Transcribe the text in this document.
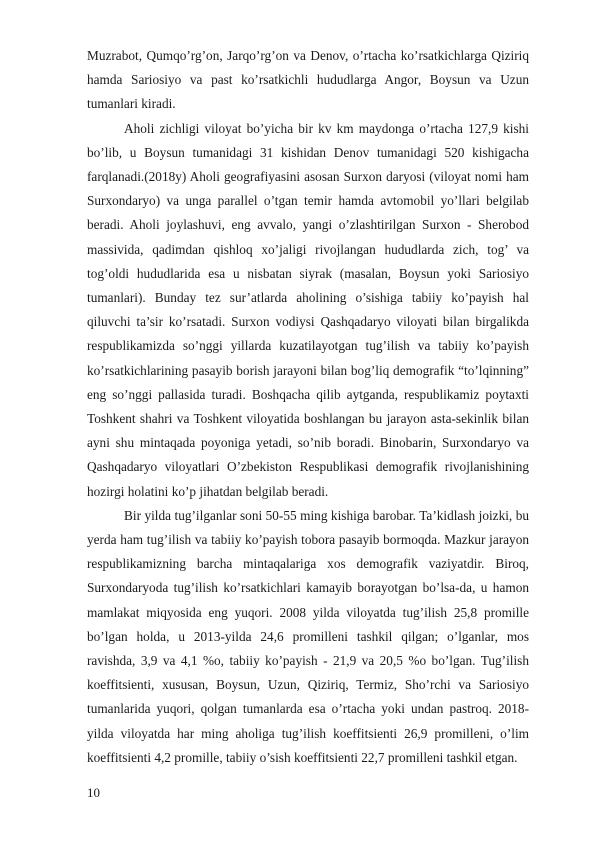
Muzrabot, Qumqo’rg’on, Jarqo’rg’on va Denov, o’rtacha ko’rsatkichlarga Qiziriq hamda Sariosiyo va past ko’rsatkichli hududlarga Angor, Boysun va Uzun tumanlari kiradi.

Aholi zichligi viloyat bo’yicha bir kv km maydonga o’rtacha 127,9 kishi bo’lib, u Boysun tumanidagi 31 kishidan Denov tumanidagi 520 kishigacha farqlanadi.(2018y) Aholi geografiyasini asosan Surxon daryosi (viloyat nomi ham Surxondaryo) va unga parallel o’tgan temir hamda avtomobil yo’llari belgilab beradi. Aholi joylashuvi, eng avvalo, yangi o’zlashtirilgan Surxon - Sherobod massivida, qadimdan qishloq xo’jaligi rivojlangan hududlarda zich, tog’ va tog’oldi hududlarida esa u nisbatan siyrak (masalan, Boysun yoki Sariosiyo tumanlari). Bunday tez sur’atlarda aholining o’sishiga tabiiy ko’payish hal qiluvchi ta’sir ko’rsatadi. Surxon vodiysi Qashqadaryo viloyati bilan birgalikda respublikamizda so’nggi yillarda kuzatilayotgan tug’ilish va tabiiy ko’payish ko’rsatkichlarining pasayib borish jarayoni bilan bog’liq demografik “to’lqinning” eng so’nggi pallasida turadi. Boshqacha qilib aytganda, respublikamiz poytaxti Toshkent shahri va Toshkent viloyatida boshlangan bu jarayon asta-sekinlik bilan ayni shu mintaqada poyoniga yetadi, so’nib boradi. Binobarin, Surxondaryo va Qashqadaryo viloyatlari O’zbekiston Respublikasi demografik rivojlanishining hozirgi holatini ko’p jihatdan belgilab beradi.

Bir yilda tug’ilganlar soni 50-55 ming kishiga barobar. Ta’kidlash joizki, bu yerda ham tug’ilish va tabiiy ko’payish tobora pasayib bormoqda. Mazkur jarayon respublikamizning barcha mintaqalariga xos demografik vaziyatdir. Biroq, Surxondaryoda tug’ilish ko’rsatkichlari kamayib borayotgan bo’lsa-da, u hamon mamlakat miqyosida eng yuqori. 2008 yilda viloyatda tug’ilish 25,8 promille bo’lgan holda, u 2013-yilda 24,6 promilleni tashkil qilgan; o’lganlar, mos ravishda, 3,9 va 4,1 %o, tabiiy ko’payish - 21,9 va 20,5 %o bo’lgan. Tug’ilish koeffitsienti, xususan, Boysun, Uzun, Qiziriq, Termiz, Sho’rchi va Sariosiyo tumanlarida yuqori, qolgan tumanlarda esa o’rtacha yoki undan pastroq. 2018-yilda viloyatda har ming aholiga tug’ilish koeffitsienti 26,9 promilleni, o’lim koeffitsienti 4,2 promille, tabiiy o’sish koeffitsienti 22,7 promilleni tashkil etgan.

10
